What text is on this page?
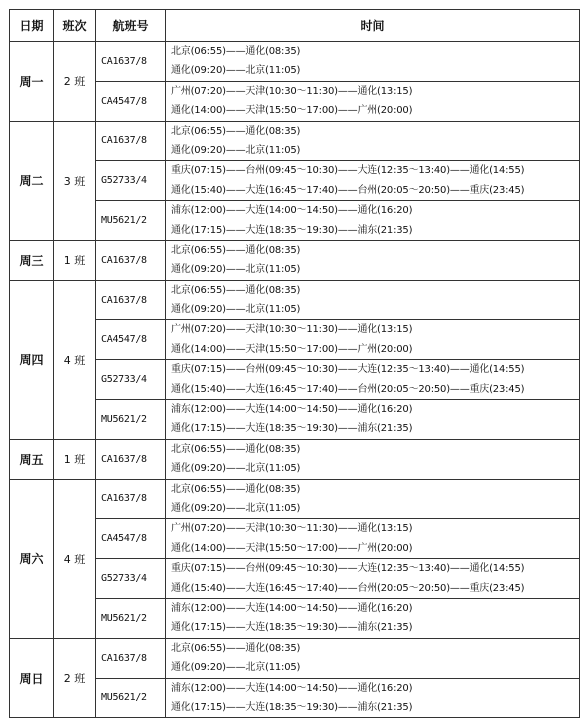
日期	班次	航班号	时间
周一	2 班	CA1637/8	北京(06:55)——通化(08:35)
通化(09:20)——北京(11:05)

		CA4547/8	广州(07:20)——天津(10:30～11:30)——通化(13:15)
通化(14:00)——天津(15:50～17:00)——广州(20:00)

周二	3 班	CA1637/8	北京(06:55)——通化(08:35)
通化(09:20)——北京(11:05)

		G52733/4	重庆(07:15)——台州(09:45～10:30)——大连(12:35～13:40)——通化(14:55)
通化(15:40)——大连(16:45～17:40)——台州(20:05～20:50)——重庆(23:45)

		MU5621/2	浦东(12:00)——大连(14:00～14:50)——通化(16:20)
通化(17:15)——大连(18:35～19:30)——浦东(21:35)

周三	1 班	CA1637/8	北京(06:55)——通化(08:35)
通化(09:20)——北京(11:05)

周四	4 班	CA1637/8	北京(06:55)——通化(08:35)
通化(09:20)——北京(11:05)

		CA4547/8	广州(07:20)——天津(10:30～11:30)——通化(13:15)
通化(14:00)——天津(15:50～17:00)——广州(20:00)

		G52733/4	重庆(07:15)——台州(09:45～10:30)——大连(12:35～13:40)——通化(14:55)
通化(15:40)——大连(16:45～17:40)——台州(20:05～20:50)——重庆(23:45)

		MU5621/2	浦东(12:00)——大连(14:00～14:50)——通化(16:20)
通化(17:15)——大连(18:35～19:30)——浦东(21:35)

周五	1 班	CA1637/8	北京(06:55)——通化(08:35)
通化(09:20)——北京(11:05)

周六	4 班	CA1637/8	北京(06:55)——通化(08:35)
通化(09:20)——北京(11:05)

		CA4547/8	广州(07:20)——天津(10:30～11:30)——通化(13:15)
通化(14:00)——天津(15:50～17:00)——广州(20:00)

		G52733/4	重庆(07:15)——台州(09:45～10:30)——大连(12:35～13:40)——通化(14:55)
通化(15:40)——大连(16:45～17:40)——台州(20:05～20:50)——重庆(23:45)

		MU5621/2	浦东(12:00)——大连(14:00～14:50)——通化(16:20)
通化(17:15)——大连(18:35～19:30)——浦东(21:35)

周日	2 班	CA1637/8	北京(06:55)——通化(08:35)
通化(09:20)——北京(11:05)

		MU5621/2	浦东(12:00)——大连(14:00～14:50)——通化(16:20)
通化(17:15)——大连(18:35～19:30)——浦东(21:35)
